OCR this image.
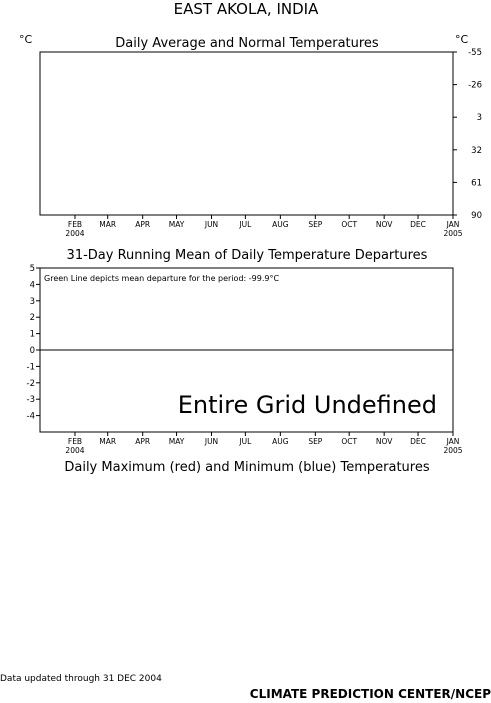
EAST AKOLA, INDIA
°C	Daily Average and Normal Temperatures	°C
-55
-26
3
32
61
90
FEB
2004
MAR	APR MAY	JUN	JUL	AUG	SEP	OCT	NOV DEC	JAN
2005
31-Day Running Mean of Daily Temperature Departures
Green Line depicts mean departure for the period: -99.9°C
Entire Grid Undefined
5
4
3
2
1
0
-1
-2
-3
-4
FEB
2004
MAR	APR MAY	JUN	JUL	AUG	SEP	OCT	NOV DEC	JAN
2005
Daily Maximum (red) and Minimum (blue) Temperatures
Data updated through 31 DEC 2004
CLIMATE PREDICTION CENTER/NCEP
